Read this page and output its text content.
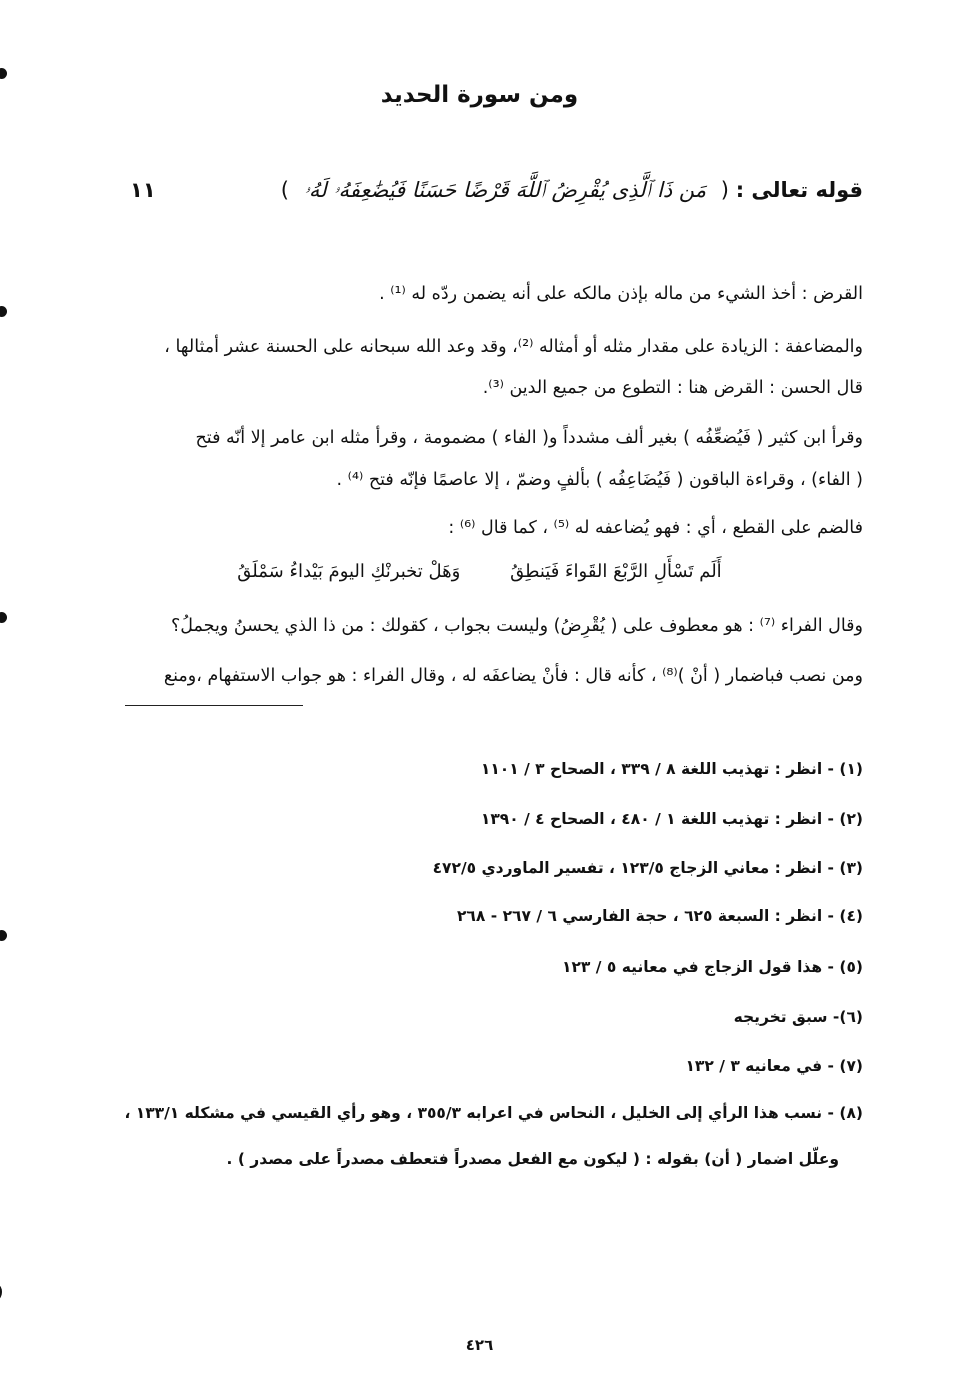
ومن سورة الحديد
قوله تعالى : ( مَن ذَا ٱلَّذِى يُقْرِضُ ٱللَّهَ قَرْضًا حَسَنًا فَيُضَٰعِفَهُۥ لَهُۥ )
١١
القرض : أخذ الشيء من ماله بإذن مالكه على أنه يضمن ردّه له ⁽¹⁾ .
والمضاعفة : الزيادة على مقدار مثله أو أمثاله ⁽²⁾، وقد وعد الله سبحانه على الحسنة عشر أمثالها ،
قال الحسن : القرض هنا : التطوع من جميع الدين ⁽³⁾.
وقرأ ابن كثير ( فَيُضعِّفُه ) بغير ألف مشدداً و( الفاء ) مضمومة ، وقرأ مثله ابن عامر إلا أنّه فتح
( الفاء) ، وقراءة الباقون ( فَيُضَاعِفُه ) بألفٍ وضمّ ، إلا عاصمًا فإنّه فتح ⁽⁴⁾ .
فالضم على القطع ، أي : فهو يُضاعفه له ⁽⁵⁾ ، كما قال ⁽⁶⁾ :
أَلَم تَسْأَلِ الرَّبْعَ القَواءَ فَيَنطِقُ وَهَلْ تخبرنْكِ اليومَ بَيْداءُ سَمْلَقُ
وقال الفراء ⁽⁷⁾ : هو معطوف على ( يُقْرِضُ) وليست بجواب ، كقولك : من ذا الذي يحسنُ ويجملُ؟
ومن نصب فباضمار ( أنْ )⁽⁸⁾ ، كأنه قال : فأنْ يضاعفَه له ، وقال الفراء : هو جواب الاستفهام ،ومنع
(١) - انظر : تهذيب اللغة ٨ / ٣٣٩ ، الصحاح ٣ / ١١٠١
(٢) - انظر : تهذيب اللغة ١ / ٤٨٠ ، الصحاح ٤ / ١٣٩٠
(٣) - انظر : معاني الزجاج ١٢٣/٥ ، تفسير الماوردي ٤٧٢/٥
(٤) - انظر : السبعة ٦٢٥ ، حجة الفارسي ٦ / ٢٦٧ - ٢٦٨
(٥) - هذا قول الزجاج في معانيه ٥ / ١٢٣
(٦)- سبق تخريجه
(٧) - في معانيه ٣ / ١٣٢
(٨) - نسب هذا الرأي إلى الخليل ، النحاس في اعرابه ٣٥٥/٣ ، وهو رأي القيسي في مشكله ١٣٣/١ ،
وعلّل اضمار ( أن) بقوله : ( ليكون مع الفعل مصدراً فتعطف مصدراً على مصدر ) .
٤٢٦
